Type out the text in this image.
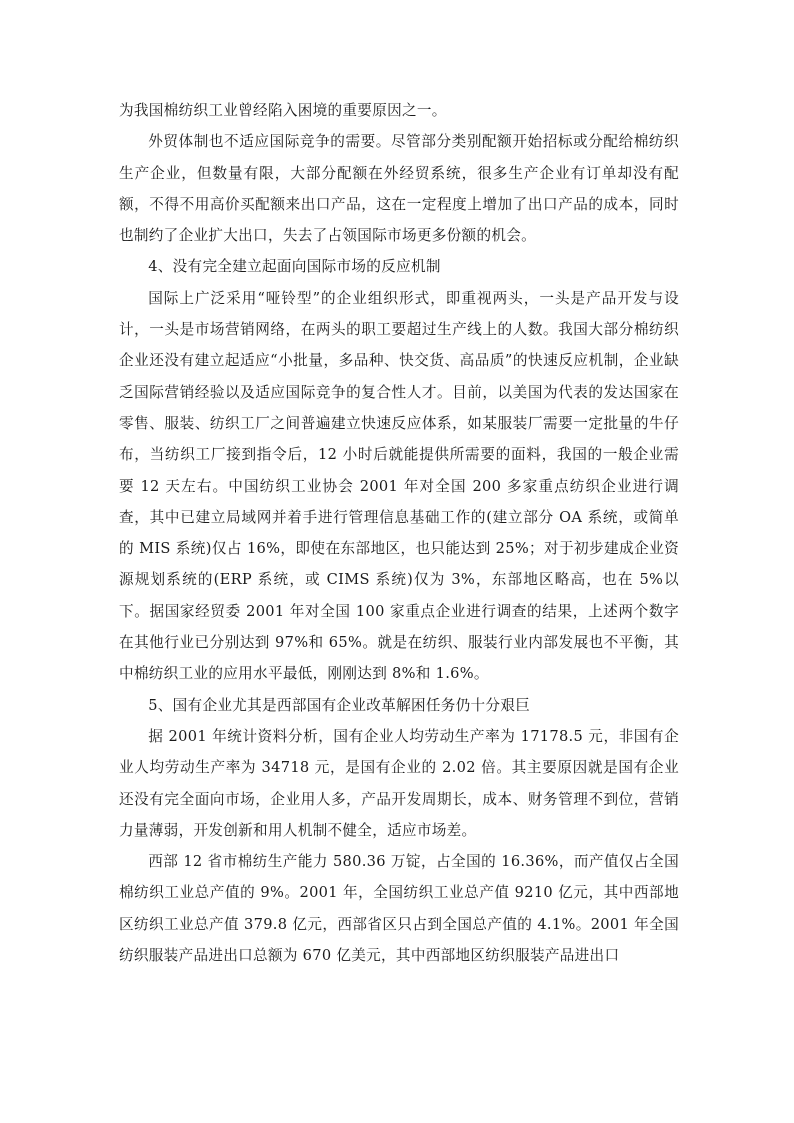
为我国棉纺织工业曾经陷入困境的重要原因之一。

外贸体制也不适应国际竞争的需要。尽管部分类别配额开始招标或分配给棉纺织生产企业，但数量有限，大部分配额在外经贸系统，很多生产企业有订单却没有配额，不得不用高价买配额来出口产品，这在一定程度上增加了出口产品的成本，同时也制约了企业扩大出口，失去了占领国际市场更多份额的机会。

4、没有完全建立起面向国际市场的反应机制

国际上广泛采用“哑铃型”的企业组织形式，即重视两头，一头是产品开发与设计，一头是市场营销网络，在两头的职工要超过生产线上的人数。我国大部分棉纺织企业还没有建立起适应“小批量，多品种、快交货、高品质”的快速反应机制，企业缺乏国际营销经验以及适应国际竞争的复合性人才。目前，以美国为代表的发达国家在零售、服装、纺织工厂之间普遍建立快速反应体系，如某服装厂需要一定批量的牛仔布，当纺织工厂接到指令后，12 小时后就能提供所需要的面料，我国的一般企业需要 12 天左右。中国纺织工业协会 2001 年对全国 200 多家重点纺织企业进行调查，其中已建立局域网并着手进行管理信息基础工作的(建立部分 OA 系统，或简单的 MIS 系统)仅占 16%，即使在东部地区，也只能达到 25%；对于初步建成企业资源规划系统的(ERP 系统，或 CIMS 系统)仅为 3%，东部地区略高，也在 5%以下。据国家经贸委 2001 年对全国 100 家重点企业进行调查的结果，上述两个数字在其他行业已分别达到 97%和 65%。就是在纺织、服装行业内部发展也不平衡，其中棉纺织工业的应用水平最低，刚刚达到 8%和 1.6%。

5、国有企业尤其是西部国有企业改革解困任务仍十分艰巨

据 2001 年统计资料分析，国有企业人均劳动生产率为 17178.5 元，非国有企业人均劳动生产率为 34718 元，是国有企业的 2.02 倍。其主要原因就是国有企业还没有完全面向市场，企业用人多，产品开发周期长，成本、财务管理不到位，营销力量薄弱，开发创新和用人机制不健全，适应市场差。

西部 12 省市棉纺生产能力 580.36 万锭，占全国的 16.36%，而产值仅占全国棉纺织工业总产值的 9%。2001 年，全国纺织工业总产值 9210 亿元，其中西部地区纺织工业总产值 379.8 亿元，西部省区只占到全国总产值的 4.1%。2001 年全国纺织服装产品进出口总额为 670 亿美元，其中西部地区纺织服装产品进出口
